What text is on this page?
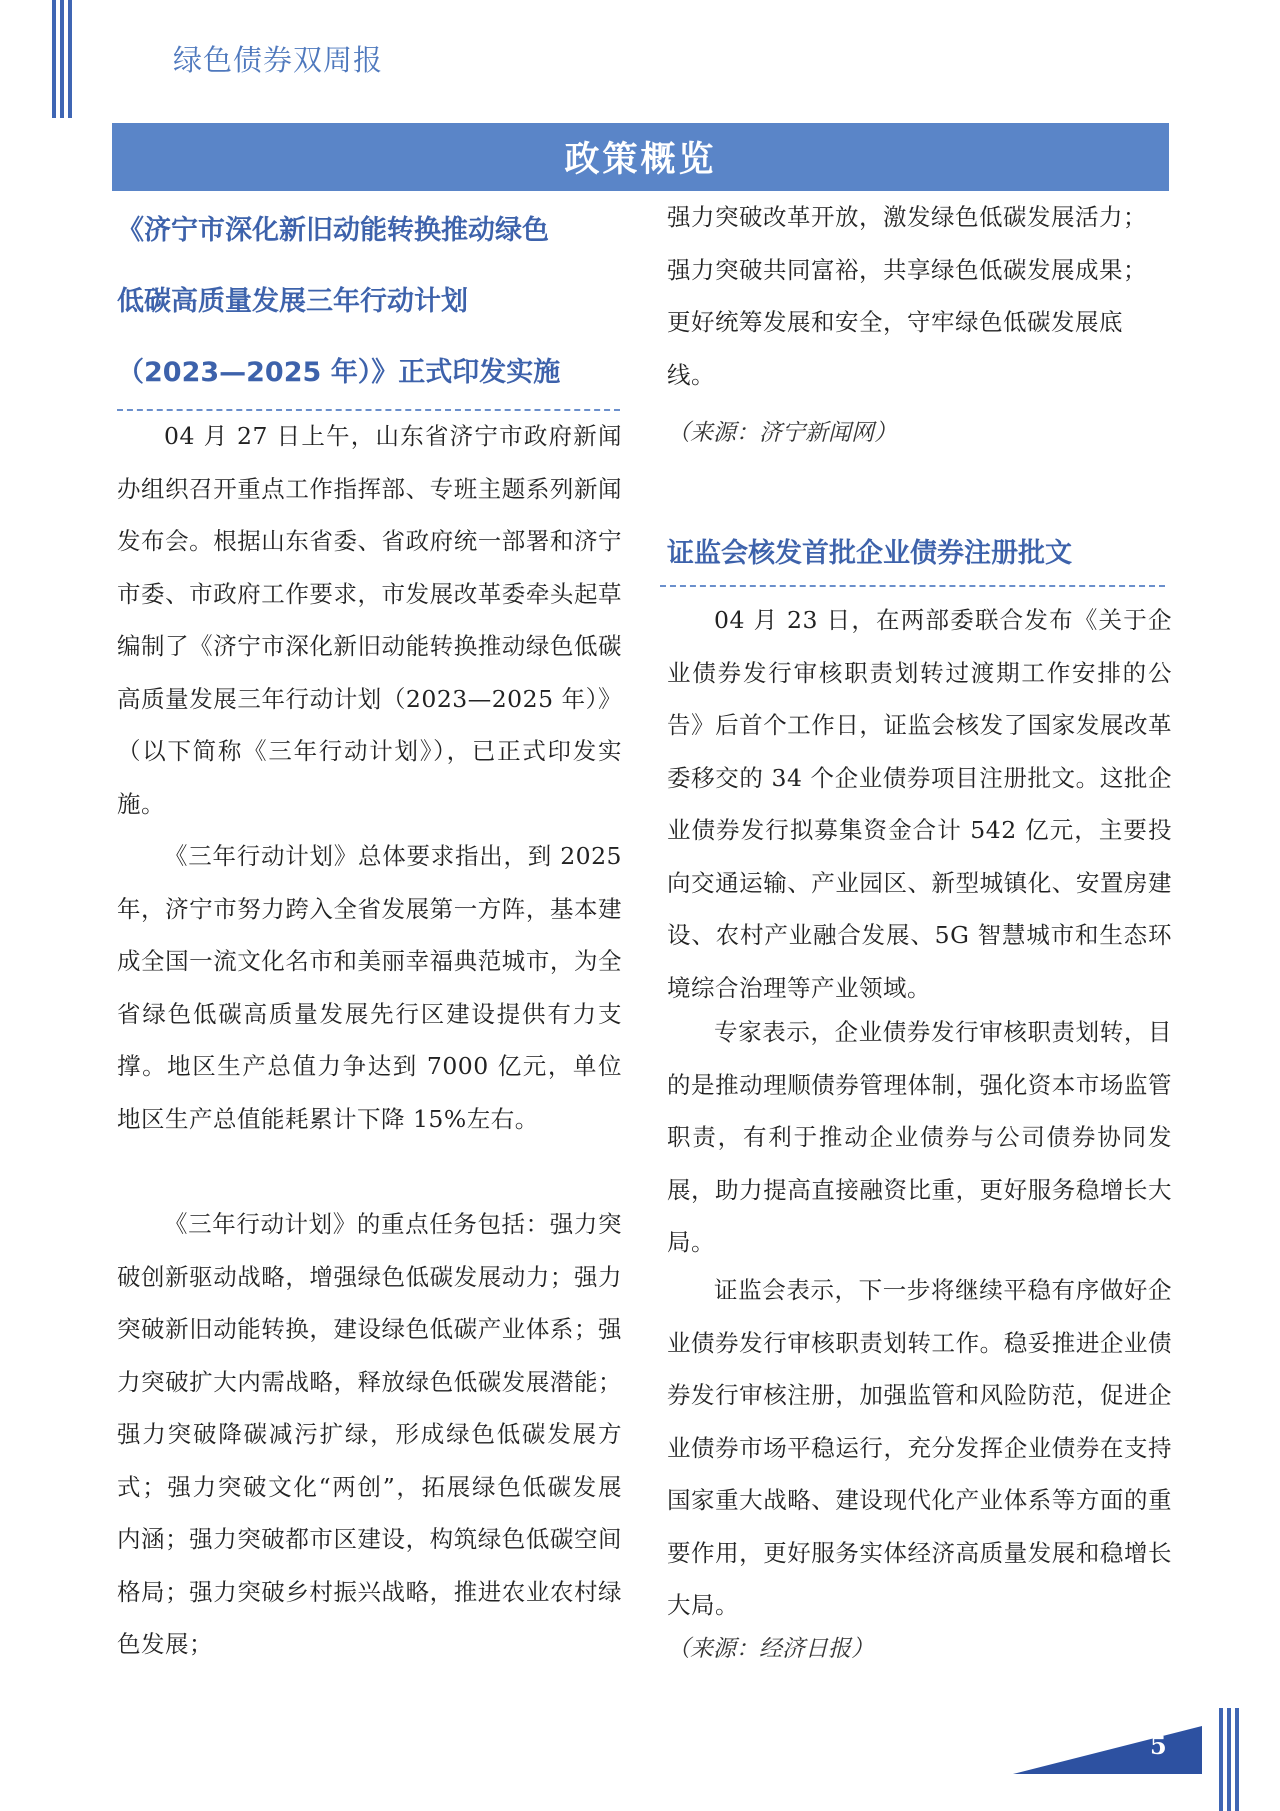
绿色债券双周报
政策概览
《济宁市深化新旧动能转换推动绿色
低碳高质量发展三年行动计划
（2023—2025 年）》正式印发实施

04 月 27 日上午，山东省济宁市政府新闻办组织召开重点工作指挥部、专班主题系列新闻发布会。根据山东省委、省政府统一部署和济宁市委、市政府工作要求，市发展改革委牵头起草编制了《济宁市深化新旧动能转换推动绿色低碳高质量发展三年行动计划（2023—2025 年）》（以下简称《三年行动计划》），已正式印发实施。

《三年行动计划》总体要求指出，到 2025 年，济宁市努力跨入全省发展第一方阵，基本建成全国一流文化名市和美丽幸福典范城市，为全省绿色低碳高质量发展先行区建设提供有力支撑。地区生产总值力争达到 7000 亿元，单位地区生产总值能耗累计下降 15%左右。

《三年行动计划》的重点任务包括：强力突破创新驱动战略，增强绿色低碳发展动力；强力突破新旧动能转换，建设绿色低碳产业体系；强力突破扩大内需战略，释放绿色低碳发展潜能；强力突破降碳减污扩绿，形成绿色低碳发展方式；强力突破文化“两创”，拓展绿色低碳发展内涵；强力突破都市区建设，构筑绿色低碳空间格局；强力突破乡村振兴战略，推进农业农村绿色发展；

强力突破改革开放，激发绿色低碳发展活力；
强力突破共同富裕，共享绿色低碳发展成果；
更好统筹发展和安全，守牢绿色低碳发展底
线。
（来源：济宁新闻网）
证监会核发首批企业债券注册批文

04 月 23 日，在两部委联合发布《关于企业债券发行审核职责划转过渡期工作安排的公告》后首个工作日，证监会核发了国家发展改革委移交的 34 个企业债券项目注册批文。这批企业债券发行拟募集资金合计 542 亿元，主要投向交通运输、产业园区、新型城镇化、安置房建设、农村产业融合发展、5G 智慧城市和生态环境综合治理等产业领域。

专家表示，企业债券发行审核职责划转，目的是推动理顺债券管理体制，强化资本市场监管职责，有利于推动企业债券与公司债券协同发展，助力提高直接融资比重，更好服务稳增长大局。

证监会表示，下一步将继续平稳有序做好企业债券发行审核职责划转工作。稳妥推进企业债券发行审核注册，加强监管和风险防范，促进企业债券市场平稳运行，充分发挥企业债券在支持国家重大战略、建设现代化产业体系等方面的重要作用，更好服务实体经济高质量发展和稳增长大局。

（来源：经济日报）
5
